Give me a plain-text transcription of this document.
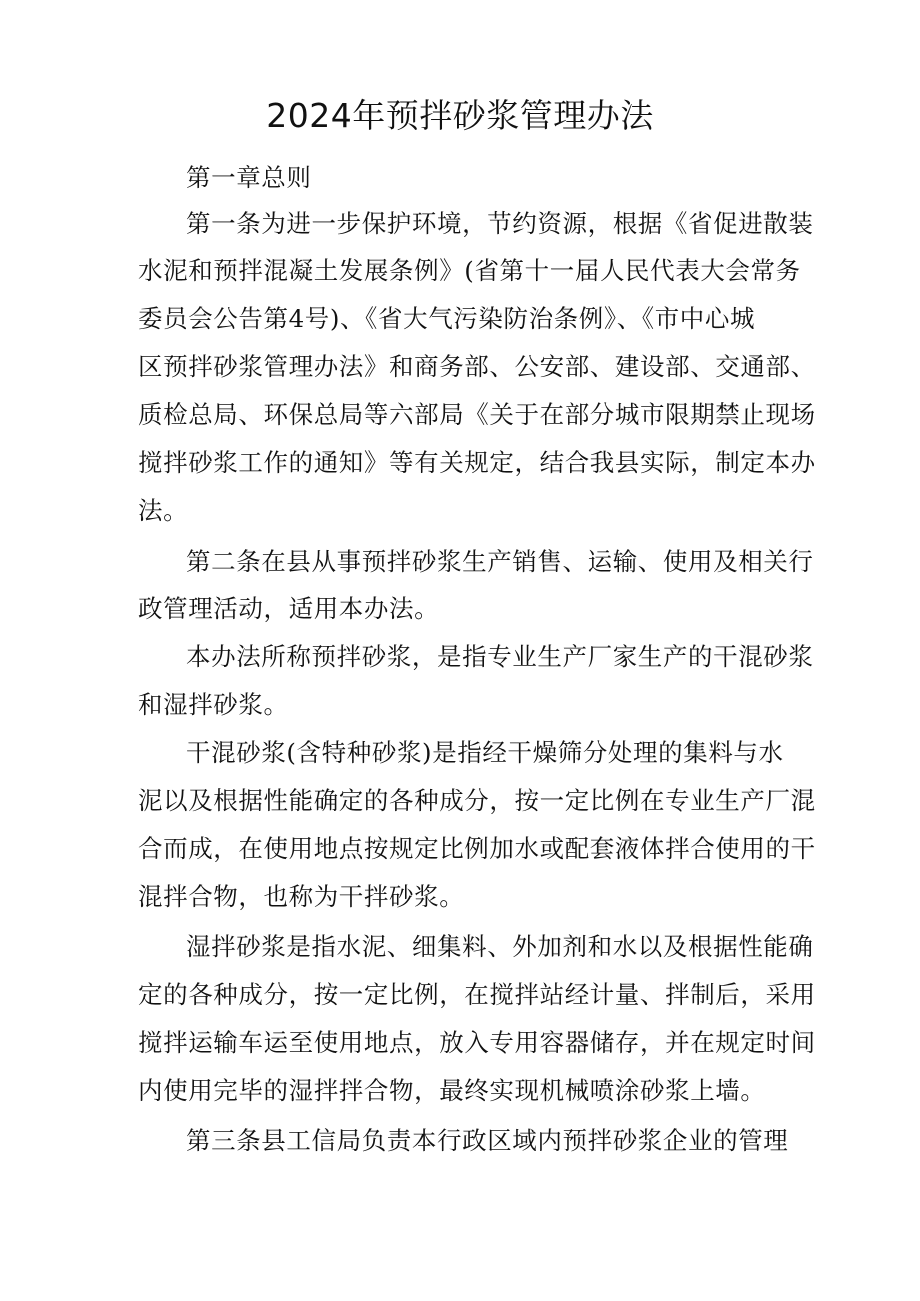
2024年预拌砂浆管理办法
第一章总则
第一条为进一步保护环境，节约资源，根据《省促进散装
水泥和预拌混凝土发展条例》(省第十一届人民代表大会常务
委员会公告第4号)、《省大气污染防治条例》、《市中心城
区预拌砂浆管理办法》和商务部、公安部、建设部、交通部、
质检总局、环保总局等六部局《关于在部分城市限期禁止现场
搅拌砂浆工作的通知》等有关规定，结合我县实际，制定本办
法。
第二条在县从事预拌砂浆生产销售、运输、使用及相关行
政管理活动，适用本办法。
本办法所称预拌砂浆，是指专业生产厂家生产的干混砂浆
和湿拌砂浆。
干混砂浆(含特种砂浆)是指经干燥筛分处理的集料与水
泥以及根据性能确定的各种成分，按一定比例在专业生产厂混
合而成，在使用地点按规定比例加水或配套液体拌合使用的干
混拌合物，也称为干拌砂浆。
湿拌砂浆是指水泥、细集料、外加剂和水以及根据性能确
定的各种成分，按一定比例，在搅拌站经计量、拌制后，采用
搅拌运输车运至使用地点，放入专用容器储存，并在规定时间
内使用完毕的湿拌拌合物，最终实现机械喷涂砂浆上墙。
第三条县工信局负责本行政区域内预拌砂浆企业的管理
